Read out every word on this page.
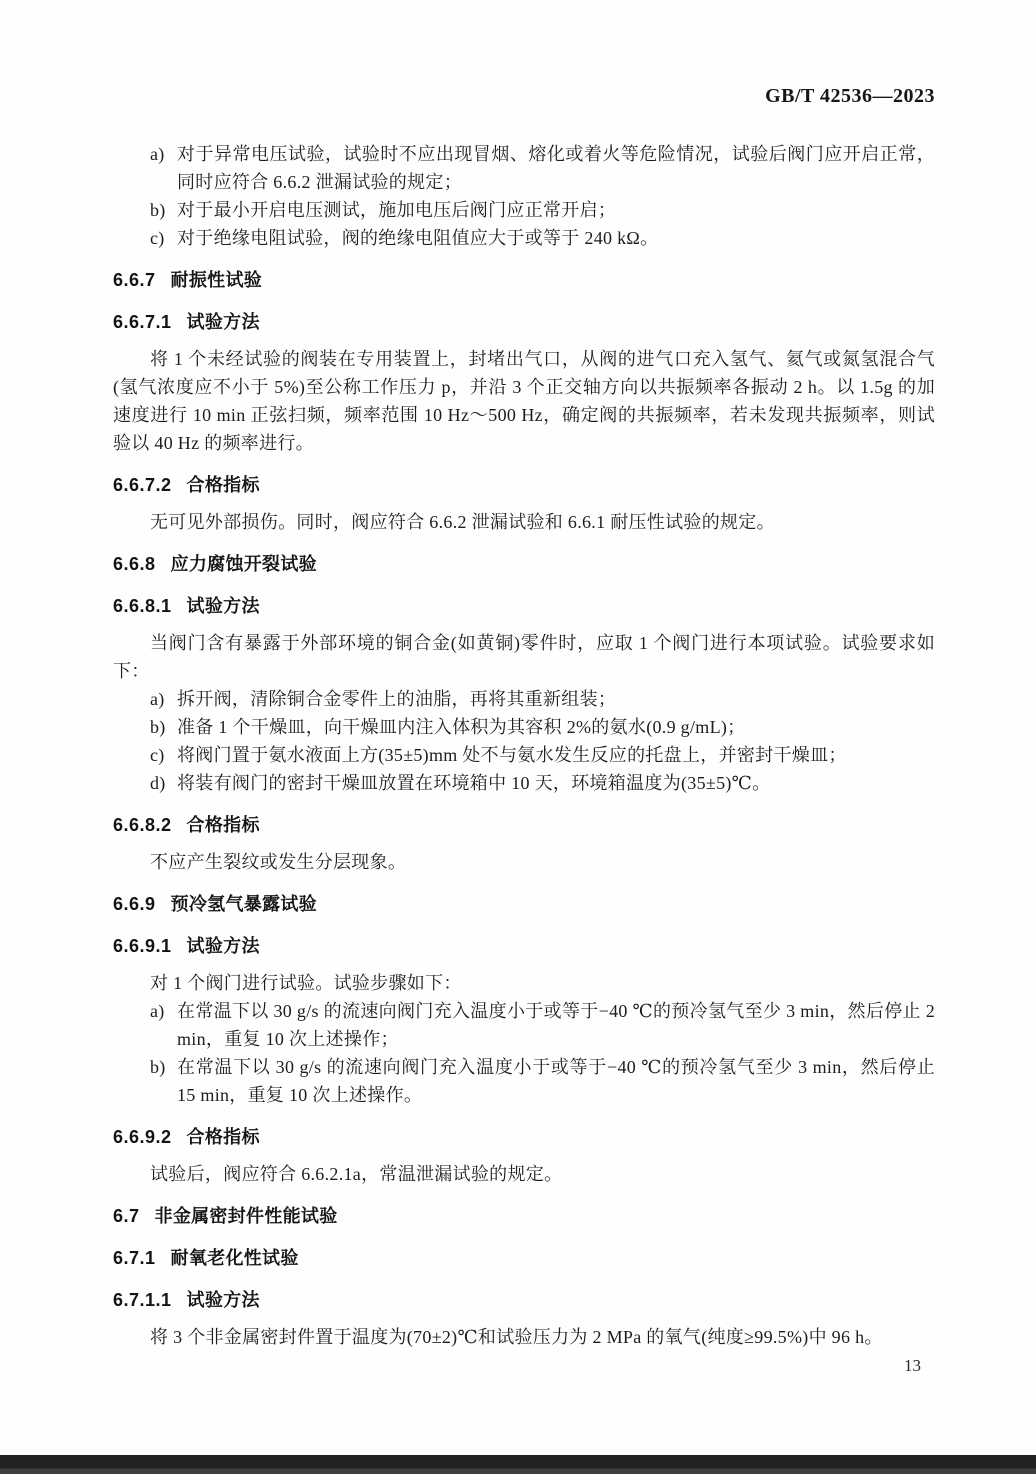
GB/T 42536—2023
a) 对于异常电压试验，试验时不应出现冒烟、熔化或着火等危险情况，试验后阀门应开启正常，同时应符合 6.6.2 泄漏试验的规定；
b) 对于最小开启电压测试，施加电压后阀门应正常开启；
c) 对于绝缘电阻试验，阀的绝缘电阻值应大于或等于 240 kΩ。
6.6.7 耐振性试验
6.6.7.1 试验方法

将 1 个未经试验的阀装在专用装置上，封堵出气口，从阀的进气口充入氢气、氦气或氮氢混合气(氢气浓度应不小于 5%)至公称工作压力 p，并沿 3 个正交轴方向以共振频率各振动 2 h。以 1.5g 的加速度进行 10 min 正弦扫频，频率范围 10 Hz～500 Hz，确定阀的共振频率，若未发现共振频率，则试验以 40 Hz 的频率进行。

6.6.7.2 合格指标

无可见外部损伤。同时，阀应符合 6.6.2 泄漏试验和 6.6.1 耐压性试验的规定。

6.6.8 应力腐蚀开裂试验
6.6.8.1 试验方法

当阀门含有暴露于外部环境的铜合金(如黄铜)零件时，应取 1 个阀门进行本项试验。试验要求如下：

a) 拆开阀，清除铜合金零件上的油脂，再将其重新组装；
b) 准备 1 个干燥皿，向干燥皿内注入体积为其容积 2%的氨水(0.9 g/mL)；
c) 将阀门置于氨水液面上方(35±5)mm 处不与氨水发生反应的托盘上，并密封干燥皿；
d) 将装有阀门的密封干燥皿放置在环境箱中 10 天，环境箱温度为(35±5)℃。
6.6.8.2 合格指标

不应产生裂纹或发生分层现象。

6.6.9 预冷氢气暴露试验
6.6.9.1 试验方法

对 1 个阀门进行试验。试验步骤如下：

a) 在常温下以 30 g/s 的流速向阀门充入温度小于或等于−40 ℃的预冷氢气至少 3 min，然后停止 2 min，重复 10 次上述操作；
b) 在常温下以 30 g/s 的流速向阀门充入温度小于或等于−40 ℃的预冷氢气至少 3 min，然后停止 15 min，重复 10 次上述操作。
6.6.9.2 合格指标

试验后，阀应符合 6.6.2.1a，常温泄漏试验的规定。

6.7 非金属密封件性能试验
6.7.1 耐氧老化性试验
6.7.1.1 试验方法

将 3 个非金属密封件置于温度为(70±2)℃和试验压力为 2 MPa 的氧气(纯度≥99.5%)中 96 h。

13
